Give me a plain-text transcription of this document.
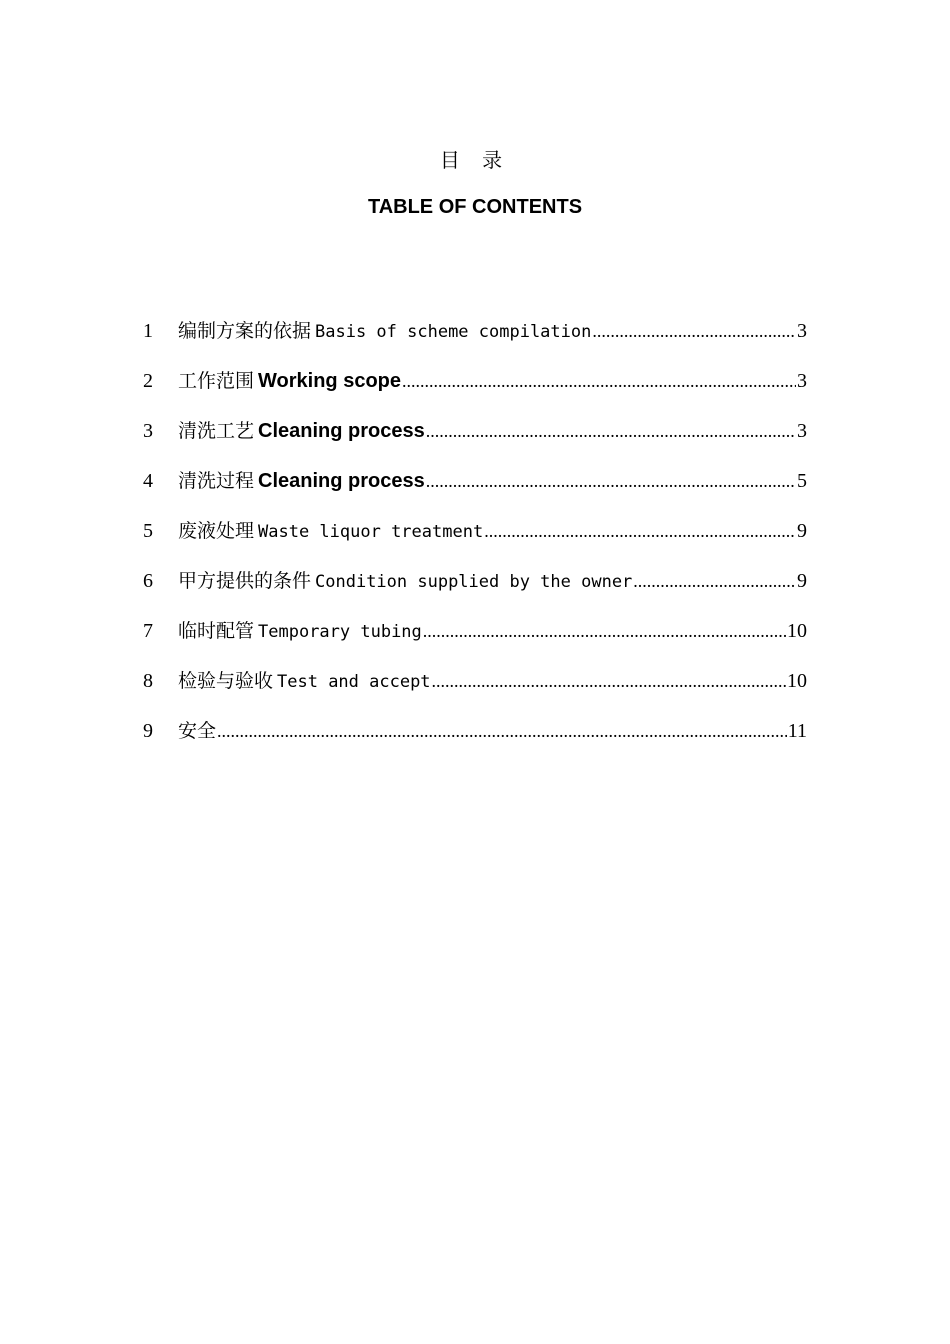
目 录
TABLE OF CONTENTS
1	编制方案的依据 Basis of scheme compilation .....	3
2	工作范围 Working scope .....	3
3	清洗工艺 Cleaning process .....	3
4	清洗过程 Cleaning process .....	5
5	废液处理 Waste liquor treatment .....	9
6	甲方提供的条件 Condition supplied by the owner .....	9
7	临时配管 Temporary tubing .....	10
8	检验与验收 Test and accept .....	10
9	安全 .....	11
